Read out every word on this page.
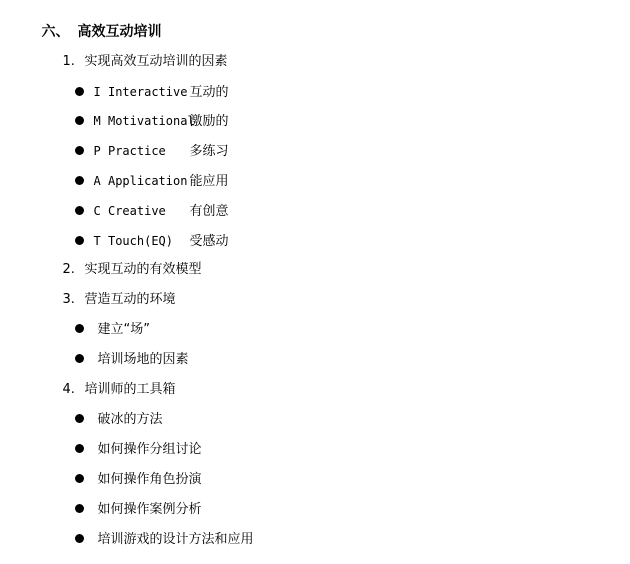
六、 高效互动培训

1. 实现高效互动培训的因素

I Interactive 互动的

M Motivational激励的

P Practice 多练习

A Application 能应用

C Creative 有创意

T Touch(EQ) 受感动

2. 实现互动的有效模型

3. 营造互动的环境

建立“场”

培训场地的因素

4. 培训师的工具箱

破冰的方法

如何操作分组讨论

如何操作角色扮演

如何操作案例分析

培训游戏的设计方法和应用
